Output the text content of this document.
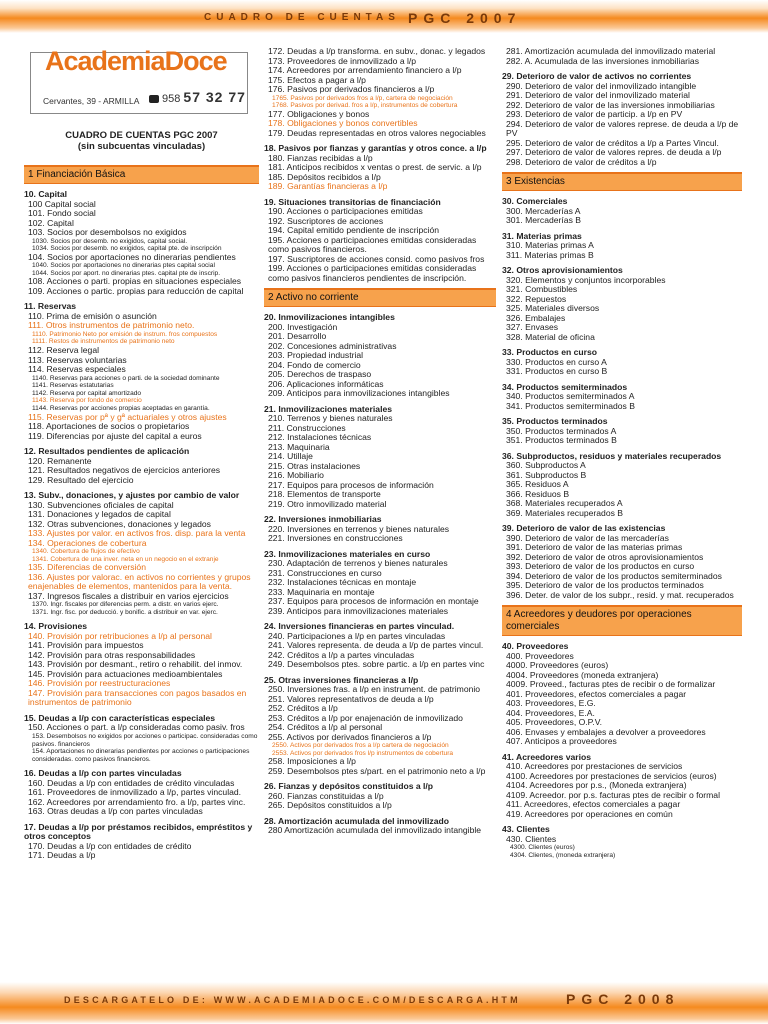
CUADRO DE CUENTAS PGC 2007
AcademiaDoce
Cervantes, 39 - ARMILLA	958 57 32 77
CUADRO DE CUENTAS PGC 2007
(sin subcuentas vinculadas)
1 Financiación Básica
10. Capital
100 Capital social
101. Fondo social
102. Capital
103. Socios por desembolsos no exigidos
1030. Socios por desemb. no exigidos, capital social.
1034. Socios por desemb. no exigidos, capital pte. de inscripción
104. Socios por aportaciones no dinerarias pendientes
1040. Socios por aportaciones no dinerarias ptes capital social
1044. Socios por aport. no dinerarias ptes. capital pte de inscrip.
108. Acciones o parti. propias en situaciones especiales
109. Acciones o partic. propias para reducción de capital
11. Reservas
110. Prima de emisión o asunción
111. Otros instrumentos de patrimonio neto.
1110. Patrimonio Neto por emisión de instrum. fros compuestos
1111. Restos de instrumentos de patrimonio neto
112. Reserva legal
113. Reservas voluntarias
114. Reservas especiales
1140. Reservas para acciones o parti. de la sociedad dominante
1141. Reservas estatutarias
1142. Reserva por capital amortizado
1143. Reserva por fondo de comercio
1144. Reservas por acciones propias aceptadas en garantía.
115. Reservas por pª y gª actuariales y otros ajustes
118. Aportaciones de socios o propietarios
119. Diferencias por ajuste del capital a euros
12. Resultados pendientes de aplicación
120. Remanente
121. Resultados negativos de ejercicios anteriores
129. Resultado del ejercicio
13. Subv., donaciones, y ajustes por cambio de valor
130. Subvenciones oficiales de capital
131. Donaciones y legados de capital
132. Otras subvenciones, donaciones y legados
133. Ajustes por valor. en activos fros. disp. para la venta
134. Operaciones de cobertura
1340. Cobertura de flujos de efectivo
1341. Cobertura de una inver. neta en un negocio en el extranje
135. Diferencias de conversión
136. Ajustes por valorac. en activos no corrientes y grupos enajenables de elementos, mantenidos para la venta.
137. Ingresos fiscales a distribuir en varios ejercicios
1370. Ingr. fiscales por diferencias perm. a distr. en varios ejerc.
1371. Ingr. fisc. por deducció. y bonific. a distribuir en var. ejerc.
14. Provisiones
140. Provisión por retribuciones a l/p al personal
141. Provisión para impuestos
142. Provisión para otras responsabilidades
143. Provisión por desmant., retiro o rehabilit. del inmov.
145. Provisión para actuaciones medioambientales
146. Provisión por reestructuraciones
147. Provisión para transacciones con pagos basados en instrumentos de patrimonio
15. Deudas a l/p con características especiales
150. Acciones o part. a l/p consideradas como pasiv. fros
153. Desembolsos no exigidos por acciones o participac. consideradas como pasivos. financieros
154. Aportaciones no dinerarias pendientes por acciones o participaciones consideradas. como pasivos financieros.
16. Deudas a l/p con partes vinculadas
160. Deudas a l/p con entidades de crédito vinculadas
161. Proveedores de inmovilizado a l/p, partes vinculad.
162. Acreedores por arrendamiento fro. a l/p, partes vinc.
163. Otras deudas a l/p con partes vinculadas
17. Deudas a l/p por préstamos recibidos, empréstitos y otros conceptos
170. Deudas a l/p con entidades de crédito
171. Deudas a l/p
172. Deudas a l/p transforma. en subv., donac. y legados
173. Proveedores de inmovilizado a l/p
174. Acreedores por arrendamiento financiero a l/p
175. Efectos a pagar a l/p
176. Pasivos por derivados financieros a l/p
1765. Pasivos por derivados fros a l/p, cartera de negociación
1768. Pasivos por derivad. fros a l/p, instrumentos de cobertura
177. Obligaciones y bonos
178. Obligaciones y bonos convertibles
179. Deudas representadas en otros valores negociables
18. Pasivos por fianzas y garantías y otros conce. a l/p
180. Fianzas recibidas a l/p
181. Anticipos recibidos x ventas o prest. de servic. a l/p
185. Depósitos recibidos a l/p
189. Garantías financieras a l/p
19. Situaciones transitorias de financiación
190. Acciones o participaciones emitidas
192. Suscriptores de acciones
194. Capital emitido pendiente de inscripción
195. Acciones o participaciones emitidas consideradas como pasivos financieros.
197. Suscriptores de acciones consid. como pasivos fros
199. Acciones o participaciones emitidas consideradas como pasivos financieros pendientes de inscripción.
2 Activo no corriente
20. Inmovilizaciones intangibles
200. Investigación
201. Desarrollo
202. Concesiones administrativas
203. Propiedad industrial
204. Fondo de comercio
205. Derechos de traspaso
206. Aplicaciones informáticas
209. Anticipos para inmovilizaciones intangibles
21. Inmovilizaciones materiales
210. Terrenos y bienes naturales
211. Construcciones
212. Instalaciones técnicas
213. Maquinaria
214. Utillaje
215. Otras instalaciones
216. Mobiliario
217. Equipos para procesos de información
218. Elementos de transporte
219. Otro inmovilizado material
22. Inversiones inmobiliarias
220. Inversiones en terrenos y bienes naturales
221. Inversiones en construcciones
23. Inmovilizaciones materiales en curso
230. Adaptación de terrenos y bienes naturales
231. Construcciones en curso
232. Instalaciones técnicas en montaje
233. Maquinaria en montaje
237. Equipos para procesos de información en montaje
239. Anticipos para inmovilizaciones materiales
24. Inversiones financieras en partes vinculad.
240. Participaciones a l/p en partes vinculadas
241. Valores representa. de deuda a l/p de partes vincul.
242. Créditos a l/p a partes vinculadas
249. Desembolsos ptes. sobre partic. a l/p en partes vinc
25. Otras inversiones financieras a l/p
250. Inversiones fras. a l/p en instrument. de patrimonio
251. Valores representativos de deuda a l/p
252. Créditos a l/p
253. Créditos a l/p por enajenación de inmovilizado
254. Créditos a l/p al personal
255. Activos por derivados financieros a l/p
2550. Activos por derivados fros a l/p cartera de negociación
2553. Activos por derivados fros l/p instrumentos de cobertura
258. Imposiciones a l/p
259. Desembolsos ptes s/part. en el patrimonio neto a l/p
26. Fianzas y depósitos constituidos a l/p
260. Fianzas constituidas a l/p
265. Depósitos constituidos a l/p
28. Amortización acumulada del inmovilizado
280 Amortización acumulada del inmovilizado intangible
281. Amortización acumulada del inmovilizado material
282. A. Acumulada de las inversiones inmobiliarias
29. Deterioro de valor de activos no corrientes
290. Deterioro de valor del inmovilizado intangible
291. Deterioro de valor del inmovilizado material
292. Deterioro de valor de las inversiones inmobiliarias
293. Deterioro de valor de particip. a l/p en PV
294. Deterioro de valor de valores represe. de deuda a l/p de PV
295. Deterioro de valor de créditos a l/p a Partes Vincul.
297. Deterioro de valor de valores repres. de deuda a l/p
298. Deterioro de valor de créditos a l/p
3 Existencias
30. Comerciales
300. Mercaderías A
301. Mercaderías B
31. Materias primas
310. Materias primas A
311. Materias primas B
32. Otros aprovisionamientos
320. Elementos y conjuntos incorporables
321. Combustibles
322. Repuestos
325. Materiales diversos
326. Embalajes
327. Envases
328. Material de oficina
33. Productos en curso
330. Productos en curso A
331. Productos en curso B
34. Productos semiterminados
340. Productos semiterminados A
341. Productos semiterminados B
35. Productos terminados
350. Productos terminados A
351. Productos terminados B
36. Subproductos, residuos y materiales recuperados
360. Subproductos A
361. Subproductos B
365. Residuos A
366. Residuos B
368. Materiales recuperados A
369. Materiales recuperados B
39. Deterioro de valor de las existencias
390. Deterioro de valor de las mercaderías
391. Deterioro de valor de las materias primas
392. Deterioro de valor de otros aprovisionamientos
393. Deterioro de valor de los productos en curso
394. Deterioro de valor de los productos semiterminados
395. Deterioro de valor de los productos terminados
396. Deter. de valor de los subpr., resid. y mat. recuperados
4 Acreedores y deudores por operaciones comerciales
40. Proveedores
400. Proveedores
4000. Proveedores (euros)
4004. Proveedores (moneda extranjera)
4009. Proveed., facturas ptes de recibir o de formalizar
401. Proveedores, efectos comerciales a pagar
403. Proveedores, E.G.
404. Proveedores, E.A.
405. Proveedores, O.P.V.
406. Envases y embalajes a devolver a proveedores
407. Anticipos a proveedores
41. Acreedores varios
410. Acreedores por prestaciones de servicios
4100. Acreedores por prestaciones de servicios (euros)
4104. Acreedores por p.s., (Moneda extranjera)
4109. Acreedor. por p.s. facturas ptes de recibir o formal
411. Acreedores, efectos comerciales a pagar
419. Acreedores por operaciones en común
43. Clientes
430. Clientes
4300. Clientes (euros)
4304. Clientes, (moneda extranjera)
DESCARGATELO DE: WWW.ACADEMIADOCE.COM/DESCARGA.HTM	PGC 2008
